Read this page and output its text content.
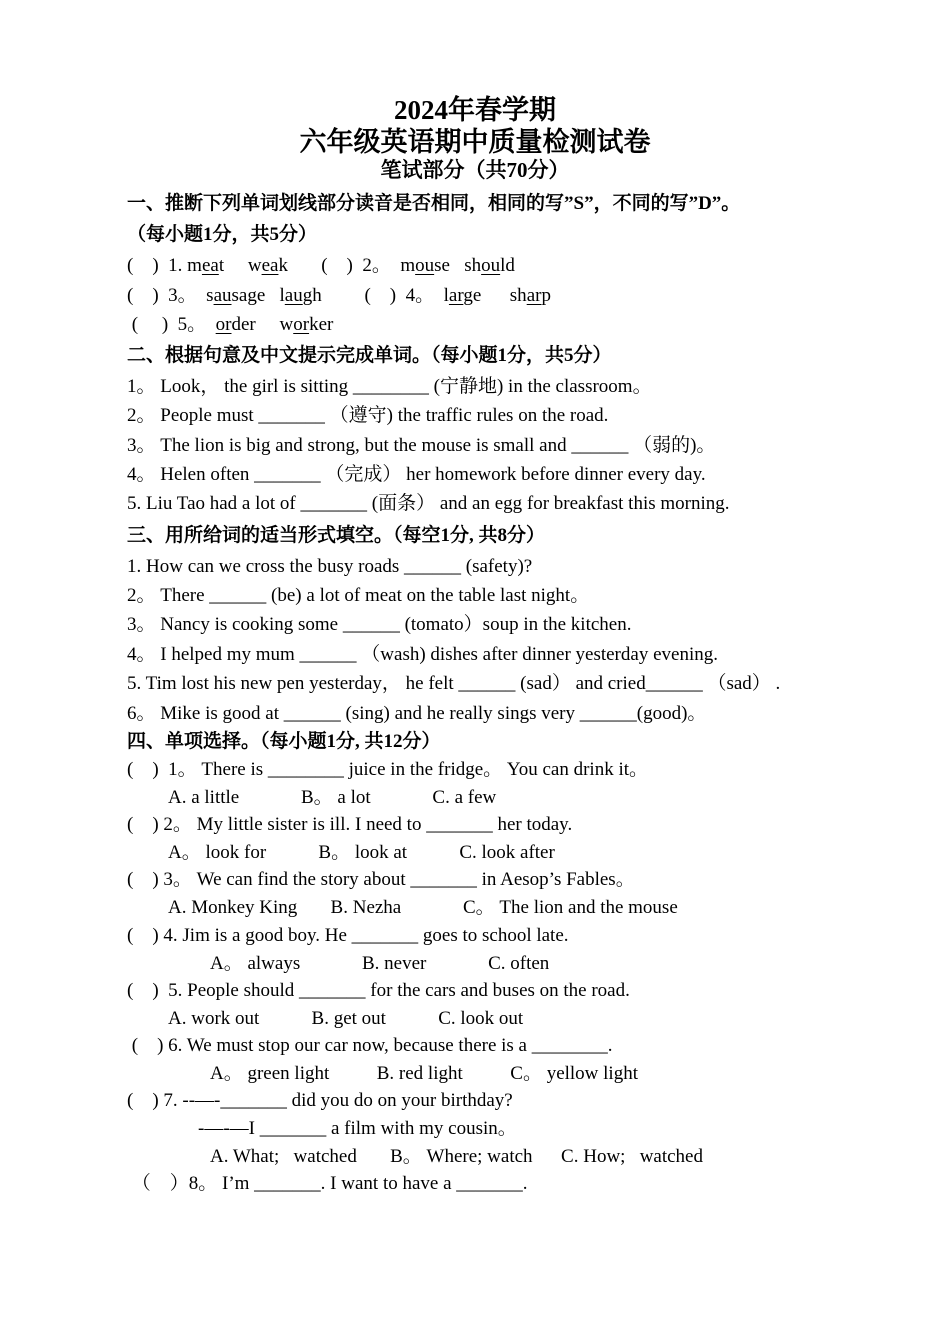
2024年春学期
六年级英语期中质量检测试卷
笔试部分（共70分）
一、推断下列单词划线部分读音是否相同，相同的写”S”，不同的写”D”。
（每小题1分，共5分）
(    )  1. meat     weak       (    )  2。  mouse   should
(    )  3。  sausage   laugh         (    )  4。  large      sharp
(     )  5。  order     worker
二、根据句意及中文提示完成单词。（每小题1分，共5分）
1。 Look， the girl is sitting ________ (宁静地) in the classroom。
2。 People must _______ （遵守) the traffic rules on the road.
3。 The lion is big and strong, but the mouse is small and ______ （弱的)。
4。 Helen often _______ （完成） her homework before dinner every day.
5. Liu Tao had a lot of _______ (面条） and an egg for breakfast this morning.
三、用所给词的适当形式填空。（每空1分, 共8分）
1. How can we cross the busy roads ______ (safety)?
2。 There ______ (be) a lot of meat on the table last night。
3。 Nancy is cooking some ______ (tomato）soup in the kitchen.
4。 I helped my mum ______ （wash) dishes after dinner yesterday evening.
5. Tim lost his new pen yesterday， he felt ______ (sad） and cried______ （sad） .
6。 Mike is good at ______ (sing) and he really sings very ______(good)。
四、单项选择。（每小题1分, 共12分）
(    )  1。 There is ________ juice in the fridge。 You can drink it。
A. a little             B。 a lot             C. a few
(    ) 2。 My little sister is ill. I need to _______ her today.
A。 look for           B。 look at           C. look after
(    ) 3。 We can find the story about _______ in Aesop’s Fables。
A. Monkey King       B. Nezha             C。 The lion and the mouse
(    ) 4. Jim is a good boy. He _______ goes to school late.
A。 always             B. never             C. often
(    )  5. People should _______ for the cars and buses on the road.
A. work out           B. get out           C. look out
(    ) 6. We must stop our car now, because there is a ________.
A。 green light          B. red light          C。 yellow light
(    ) 7. --—-_______ did you do on your birthday?
-—-—I _______ a film with my cousin。
A. What;   watched       B。 Where; watch      C. How;   watched
（    ）8。 I’m _______. I want to have a _______.
